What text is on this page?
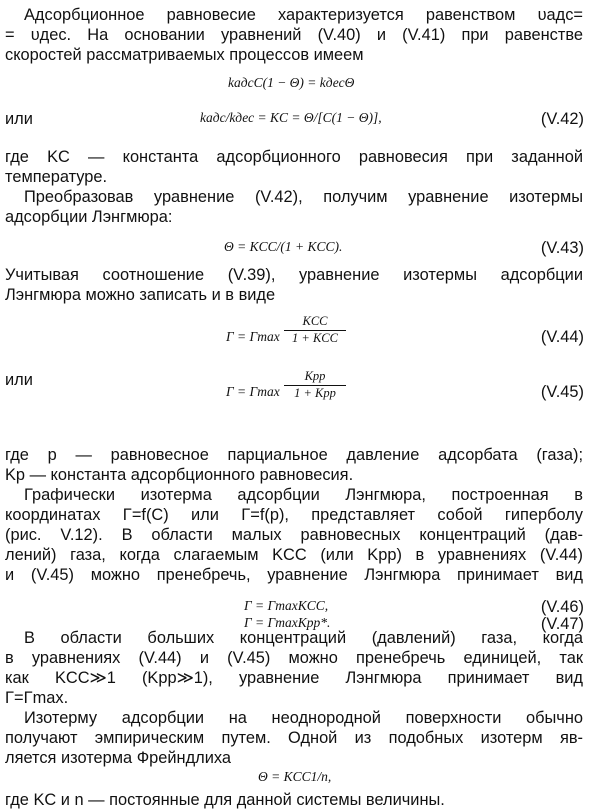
Адсорбционное равновесие характеризуется равенством υадс=
= υдес. На основании уравнений (V.40) и (V.41) при равенстве
скоростей рассматриваемых процессов имеем
где KC — константа адсорбционного равновесия при заданной
температуре.
Преобразовав уравнение (V.42), получим уравнение изотермы
адсорбции Лэнгмюра:
Учитывая соотношение (V.39), уравнение изотермы адсорбции
Лэнгмюра можно записать и в виде
где p — равновесное парциальное давление адсорбата (газа);
Kр — константа адсорбционного равновесия.
Графически изотерма адсорбции Лэнгмюра, построенная в
координатах Γ=f(C) или Γ=f(p), представляет собой гиперболу
(рис. V.12). В области малых равновесных концентраций (дав-
лений) газа, когда слагаемым KCC (или Kрp) в уравнениях (V.44)
и (V.45) можно пренебречь, уравнение Лэнгмюра принимает вид
В области больших концентраций (давлений) газа, когда
в уравнениях (V.44) и (V.45) можно пренебречь единицей, так
как KCC≫1 (Kрp≫1), уравнение Лэнгмюра принимает вид
Γ=Γmax.
Изотерму адсорбции на неоднородной поверхности обычно
получают эмпирическим путем. Одной из подобных изотерм яв-
ляется изотерма Фрейндлиха
где KC и n — постоянные для данной системы величины.
или
или
kадсC(1 − Θ) = kдесΘ
kадс/kдес = KC = Θ/[C(1 − Θ)],
Θ = KCC/(1 + KCC).
Γ = ΓmaxKCC,
Γ = ΓmaxKрp*.
Θ = KCC1/n,
Γ = Γmax
KCC
1 + KCC
Γ = Γmax
Kрp
1 + Kрp
(V.42)
(V.43)
(V.44)
(V.45)
(V.46)
(V.47)
